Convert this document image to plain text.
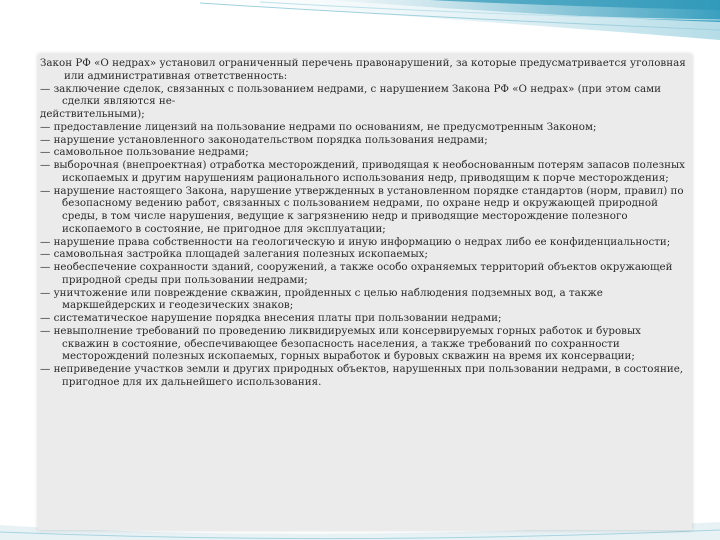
Закон РФ «О недрах» установил ограниченный перечень правонарушений, за которые предусматривается уголовная или административная ответственность:

— заключение сделок, связанных с пользованием недрами, с нарушением Закона РФ «О недрах» (при этом сами сделки являются не-

действительными);

— предоставление лицензий на пользование недрами по основаниям, не предусмотренным Законом;

— нарушение установленного законодательством порядка пользования недрами;

— самовольное пользование недрами;

— выборочная (внепроектная) отработка месторождений, приводящая к необоснованным потерям запасов полезных ископаемых и другим нарушениям рационального использования недр, приводящим к порче месторождения;

— нарушение настоящего Закона, нарушение утвержденных в установленном порядке стандартов (норм, правил) по безопасному ведению работ, связанных с пользованием недрами, по охране недр и окружающей природной среды, в том числе нарушения, ведущие к загрязнению недр и приводящие месторождение полезного ископаемого в состояние, не пригодное для эксплуатации;

— нарушение права собственности на геологическую и иную информацию о недрах либо ее конфиденциальности;

— самовольная застройка площадей залегания полезных ископаемых;

— необеспечение сохранности зданий, сооружений, а также особо охраняемых территорий объектов окружающей природной среды при пользовании недрами;

— уничтожение или повреждение скважин, пройденных с целью наблюдения подземных вод, а также маркшейдерских и геодезических знаков;

— систематическое нарушение порядка внесения платы при пользовании недрами;

— невыполнение требований по проведению ликвидируемых или консервируемых горных работок и буровых скважин в состояние, обеспечивающее безопасность населения, а также требований по сохранности месторождений полезных ископаемых, горных выработок и буровых скважин на время их консервации;

— неприведение участков земли и других природных объектов, нарушенных при пользовании недрами, в состояние, пригодное для их дальнейшего использования.
